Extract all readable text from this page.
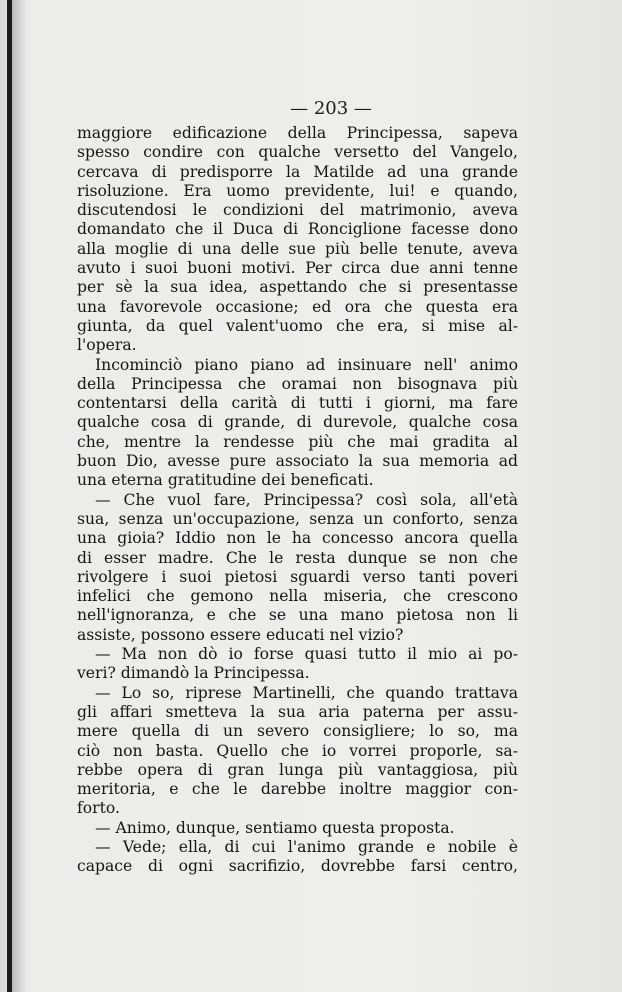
— 203 —
maggiore edificazione della Principessa, sapeva
spesso condire con qualche versetto del Vangelo,
cercava di predisporre la Matilde ad una grande
risoluzione. Era uomo previdente, lui! e quando,
discutendosi le condizioni del matrimonio, aveva
domandato che il Duca di Ronciglione facesse dono
alla moglie di una delle sue più belle tenute, aveva
avuto i suoi buoni motivi. Per circa due anni tenne
per sè la sua idea, aspettando che si presentasse
una favorevole occasione; ed ora che questa era
giunta, da quel valent'uomo che era, si mise al-
l'opera.
Incominciò piano piano ad insinuare nell' animo
della Principessa che oramai non bisognava più
contentarsi della carità di tutti i giorni, ma fare
qualche cosa di grande, di durevole, qualche cosa
che, mentre la rendesse più che mai gradita al
buon Dio, avesse pure associato la sua memoria ad
una eterna gratitudine dei beneficati.
— Che vuol fare, Principessa? così sola, all'età
sua, senza un'occupazione, senza un conforto, senza
una gioia? Iddio non le ha concesso ancora quella
di esser madre. Che le resta dunque se non che
rivolgere i suoi pietosi sguardi verso tanti poveri
infelici che gemono nella miseria, che crescono
nell'ignoranza, e che se una mano pietosa non li
assiste, possono essere educati nel vizio?
— Ma non dò io forse quasi tutto il mio ai po-
veri? dimandò la Principessa.
— Lo so, riprese Martinelli, che quando trattava
gli affari smetteva la sua aria paterna per assu-
mere quella di un severo consigliere; lo so, ma
ciò non basta. Quello che io vorrei proporle, sa-
rebbe opera di gran lunga più vantaggiosa, più
meritoria, e che le darebbe inoltre maggior con-
forto.
— Animo, dunque, sentiamo questa proposta.
— Vede; ella, di cui l'animo grande e nobile è
capace di ogni sacrifizio, dovrebbe farsi centro,
